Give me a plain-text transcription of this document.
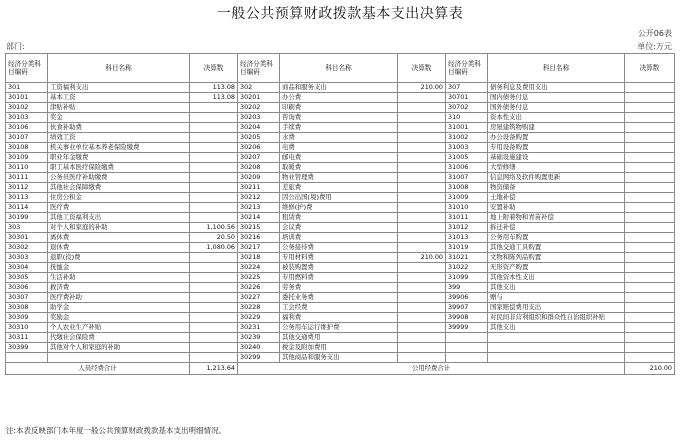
一般公共预算财政拨款基本支出决算表
公开06表
部门:	单位:万元
经济分类科目编码	科目名称	决算数	经济分类科目编码	科目名称	决算数	经济分类科目编码	科目名称	决算数
301	工资福利支出	113.08	302	商品和服务支出	210.00	307	债务利息及费用支出	
30101	基本工资	113.08	30201	办公费		30701	国内债务付息	
30102	津贴补贴		30202	印刷费		30702	国外债务付息	
30103	奖金		30203	咨询费		310	资本性支出	
30106	伙食补助费		30204	手续费		31001	房屋建筑物购建	
30107	绩效工资		30205	水费		31002	办公设备购置	
30108	机关事业单位基本养老保险缴费		30206	电费		31003	专用设备购置	
30109	职业年金缴费		30207	邮电费		31005	基础设施建设	
30110	职工基本医疗保险缴费		30208	取暖费		31006	大型修缮	
30111	公务员医疗补助缴费		30209	物业管理费		31007	信息网络及软件购置更新	
30112	其他社会保障缴费		30211	差旅费		31008	物资储备	
30113	住房公积金		30212	因公出国(境)费用		31009	土地补偿	
30114	医疗费		30213	维修(护)费		31010	安置补助	
30199	其他工资福利支出		30214	租赁费		31011	地上附着物和青苗补偿	
303	对个人和家庭的补助	1,100.56	30215	会议费		31012	拆迁补偿	
30301	离休费	20.50	30216	培训费		31013	公务用车购置	
30302	退休费	1,080.06	30217	公务接待费		31019	其他交通工具购置	
30303	退职(役)费		30218	专用材料费	210.00	31021	文物和陈列品购置	
30304	抚恤金		30224	被装购置费		31022	无形资产购置	
30305	生活补助		30225	专用燃料费		31099	其他资本性支出	
30306	救济费		30226	劳务费		399	其他支出	
30307	医疗费补助		30227	委托业务费		39906	赠与	
30308	助学金		30228	工会经费		39907	国家赔偿费用支出	
30309	奖励金		30229	福利费		39908	对民间非营利组织和群众性自治组织补贴	
30310	个人农业生产补贴		30231	公务用车运行维护费		39999	其他支出	
30311	代缴社会保险费		30239	其他交通费用				
30399	其他对个人和家庭的补助		30240	税金及附加费用				
			30299	其他商品和服务支出				
人员经费合计		1,213.64	公用经费合计					210.00
注:本表反映部门本年度一般公共预算财政拨款基本支出明细情况。
